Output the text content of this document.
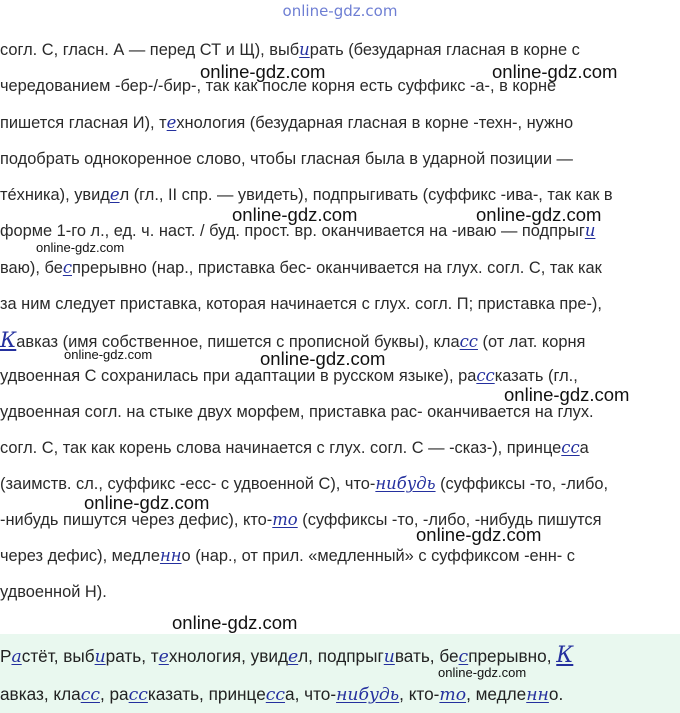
online-gdz.com
согл. С, гласн. А — перед СТ и Щ), выбирать (безударная гласная в корне с
чередованием -бер-/-бир-, так как после корня есть суффикс -а-, в корне
пишется гласная И), технология (безударная гласная в корне -техн-, нужно
подобрать однокоренное слово, чтобы гласная была в ударной позиции —
тéхника), увидел (гл., II спр. — увидеть), подпрыгивать (суффикс -ива-, так как в
форме 1-го л., ед. ч. наст. / буд. прост. вр. оканчивается на -иваю — подпрыги
ваю), беспрерывно (нар., приставка бес- оканчивается на глух. согл. С, так как
за ним следует приставка, которая начинается с глух. согл. П; приставка пре-),
Кавказ (имя собственное, пишется с прописной буквы), класс (от лат. корня
удвоенная С сохранилась при адаптации в русском языке), рассказать (гл.,
удвоенная согл. на стыке двух морфем, приставка рас- оканчивается на глух.
согл. С, так как корень слова начинается с глух. согл. С — -сказ-), принцесса
(заимств. сл., суффикс -есс- с удвоенной С), что-нибудь (суффиксы -то, -либо,
-нибудь пишутся через дефис), кто-то (суффиксы -то, -либо, -нибудь пишутся
через дефис), медленно (нар., от прил. «медленный» с суффиксом -енн- с
удвоенной Н).
Растёт, выбирать, технология, увидел, подпрыгивать, беспрерывно, К
авказ, класс, рассказать, принцесса, что-нибудь, кто-то, медленно.
online-gdz.com	online-gdz.com
online-gdz.com	online-gdz.com
online-gdz.com
online-gdz.com	online-gdz.com
online-gdz.com
online-gdz.com
online-gdz.com
online-gdz.com
online-gdz.com
